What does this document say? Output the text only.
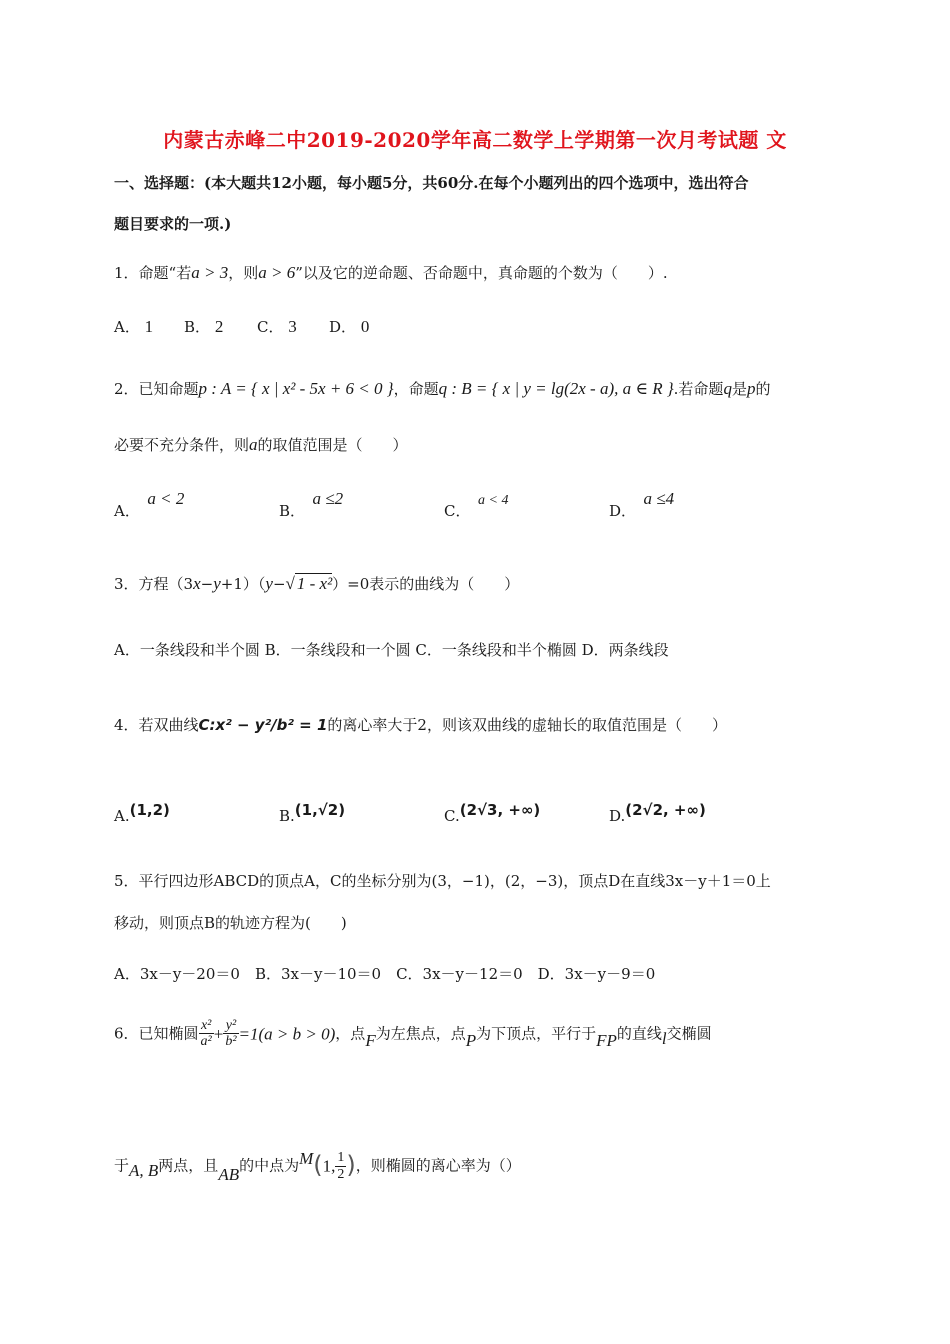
内蒙古赤峰二中2019-2020学年高二数学上学期第一次月考试题 文
一、选择题：(本大题共12小题，每小题5分，共60分.在每个小题列出的四个选项中，选出符合
题目要求的一项.)
1．命题“若a > 3，则a > 6”以及它的逆命题、否命题中，真命题的个数为（　　）.
A． 1 B． 2 C． 3 D． 0
2．已知命题p : A = { x | x² - 5x + 6 < 0 }，命题q : B = { x | y = lg(2x - a), a ∈ R }.若命题q是p的
必要不充分条件，则a的取值范围是（　　）
A．　a < 2
B．　a ≤2
C．　a < 4
D．　a ≤4
3．方程（3x−y+1）（y−√ 1 - x²）=0表示的曲线为（　　）
A．一条线段和半个圆 B．一条线段和一个圆 C．一条线段和半个椭圆 D．两条线段
4．若双曲线C:x² − y²/b² = 1的离心率大于2，则该双曲线的虚轴长的取值范围是（　　）
A.(1,2)	B.(1,√2)	C.(2√3, +∞)	D.(2√2, +∞)
5．平行四边形ABCD的顶点A，C的坐标分别为(3，−1)，(2，−3)，顶点D在直线3x－y＋1＝0上
移动，则顶点B的轨迹方程为(　　)
A．3x－y－20＝0　B．3x－y－10＝0　C．3x－y－12＝0　D．3x－y－9＝0
6．已知椭圆 $\frac{\text{x²}}{\text{a²}} + \frac{\text{y²}}{\text{b²}} =1(a > b > 0)$，点F为左焦点，点P为下顶点，平行于FP的直线l交椭圆
于A, B两点，且AB的中点为M(1, $\frac{1}{2}$ )，则椭圆的离心率为（）
